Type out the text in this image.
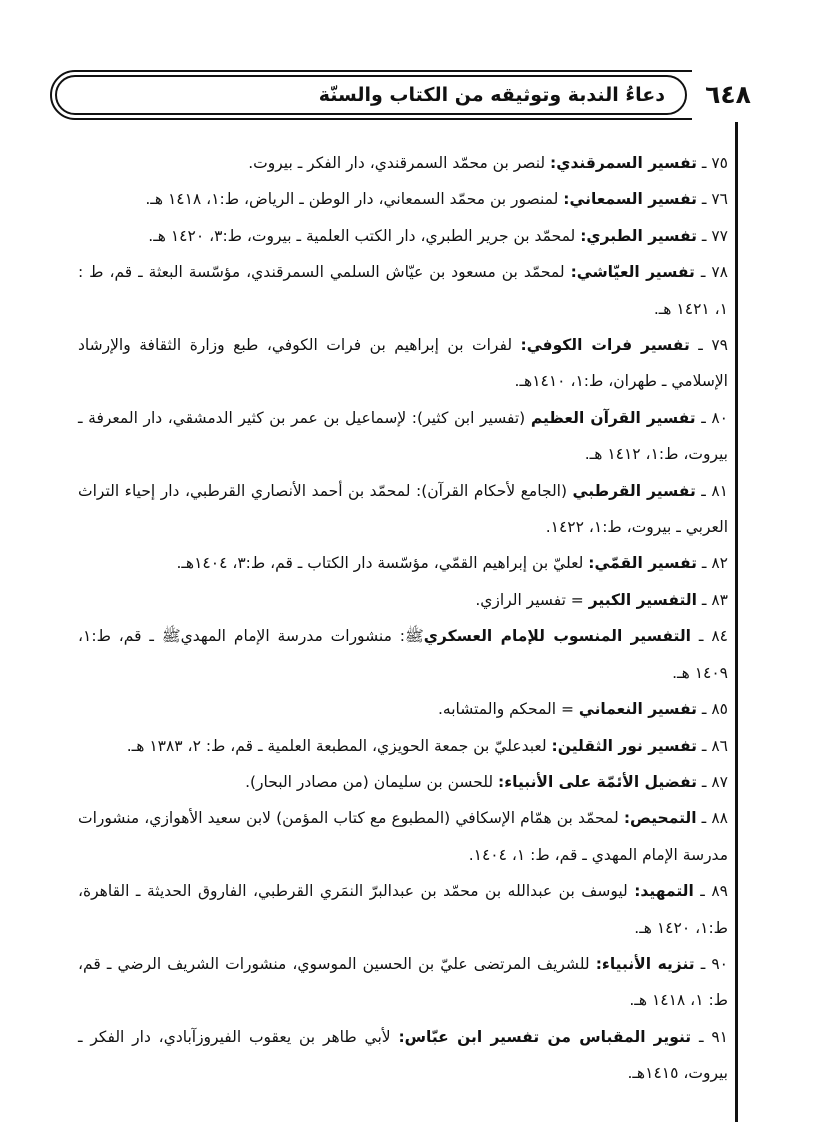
دعاءُ الندبة وتوثيقه من الكتاب والسنّة	٦٤٨
٧٥ ـ تفسير السمرقندي: لنصر بن محمّد السمرقندي، دار الفكر ـ بيروت.
٧٦ ـ تفسير السمعاني: لمنصور بن محمّد السمعاني، دار الوطن ـ الرياض، ط:١، ١٤١٨ هـ.
٧٧ ـ تفسير الطبري: لمحمّد بن جرير الطبري، دار الكتب العلمية ـ بيروت، ط:٣، ١٤٢٠ هـ.
٧٨ ـ تفسير العيّاشي: لمحمّد بن مسعود بن عيّاش السلمي السمرقندي، مؤسّسة البعثة ـ قم، ط : ١، ١٤٢١ هـ.
٧٩ ـ تفسير فرات الكوفي: لفرات بن إبراهيم بن فرات الكوفي، طبع وزارة الثقافة والإرشاد الإسلامي ـ طهران، ط:١، ١٤١٠هـ.
٨٠ ـ تفسير القرآن العظيم (تفسير ابن كثير): لإسماعيل بن عمر بن كثير الدمشقي، دار المعرفة ـ بيروت، ط:١، ١٤١٢ هـ.
٨١ ـ تفسير القرطبي (الجامع لأحكام القرآن): لمحمّد بن أحمد الأنصاري القرطبي، دار إحياء التراث العربي ـ بيروت، ط:١، ١٤٢٢.
٨٢ ـ تفسير القمّي: لعليّ بن إبراهيم القمّي، مؤسّسة دار الكتاب ـ قم، ط:٣، ١٤٠٤هـ.
٨٣ ـ التفسير الكبير = تفسير الرازي.
٨٤ ـ التفسير المنسوب للإمام العسكريﷺ: منشورات مدرسة الإمام المهديﷺ ـ قم، ط:١، ١٤٠٩ هـ.
٨٥ ـ تفسير النعماني = المحكم والمتشابه.
٨٦ ـ تفسير نور الثقلين: لعبدعليّ بن جمعة الحويزي، المطبعة العلمية ـ قم، ط: ٢، ١٣٨٣ هـ.
٨٧ ـ تفضيل الأئمّة على الأنبياء: للحسن بن سليمان (من مصادر البحار).
٨٨ ـ التمحيص: لمحمّد بن همّام الإسكافي (المطبوع مع كتاب المؤمن) لابن سعيد الأهوازي، منشورات مدرسة الإمام المهدي ـ قم، ط: ١، ١٤٠٤.
٨٩ ـ التمهيد: ليوسف بن عبدالله بن محمّد بن عبدالبرّ النمَري القرطبي، الفاروق الحديثة ـ القاهرة، ط:١، ١٤٢٠ هـ.
٩٠ ـ تنزيه الأنبياء: للشريف المرتضى عليّ بن الحسين الموسوي، منشورات الشريف الرضي ـ قم، ط: ١، ١٤١٨ هـ.
٩١ ـ تنوير المقباس من تفسير ابن عبّاس: لأبي طاهر بن يعقوب الفيروزآبادي، دار الفكر ـ بيروت، ١٤١٥هـ.
